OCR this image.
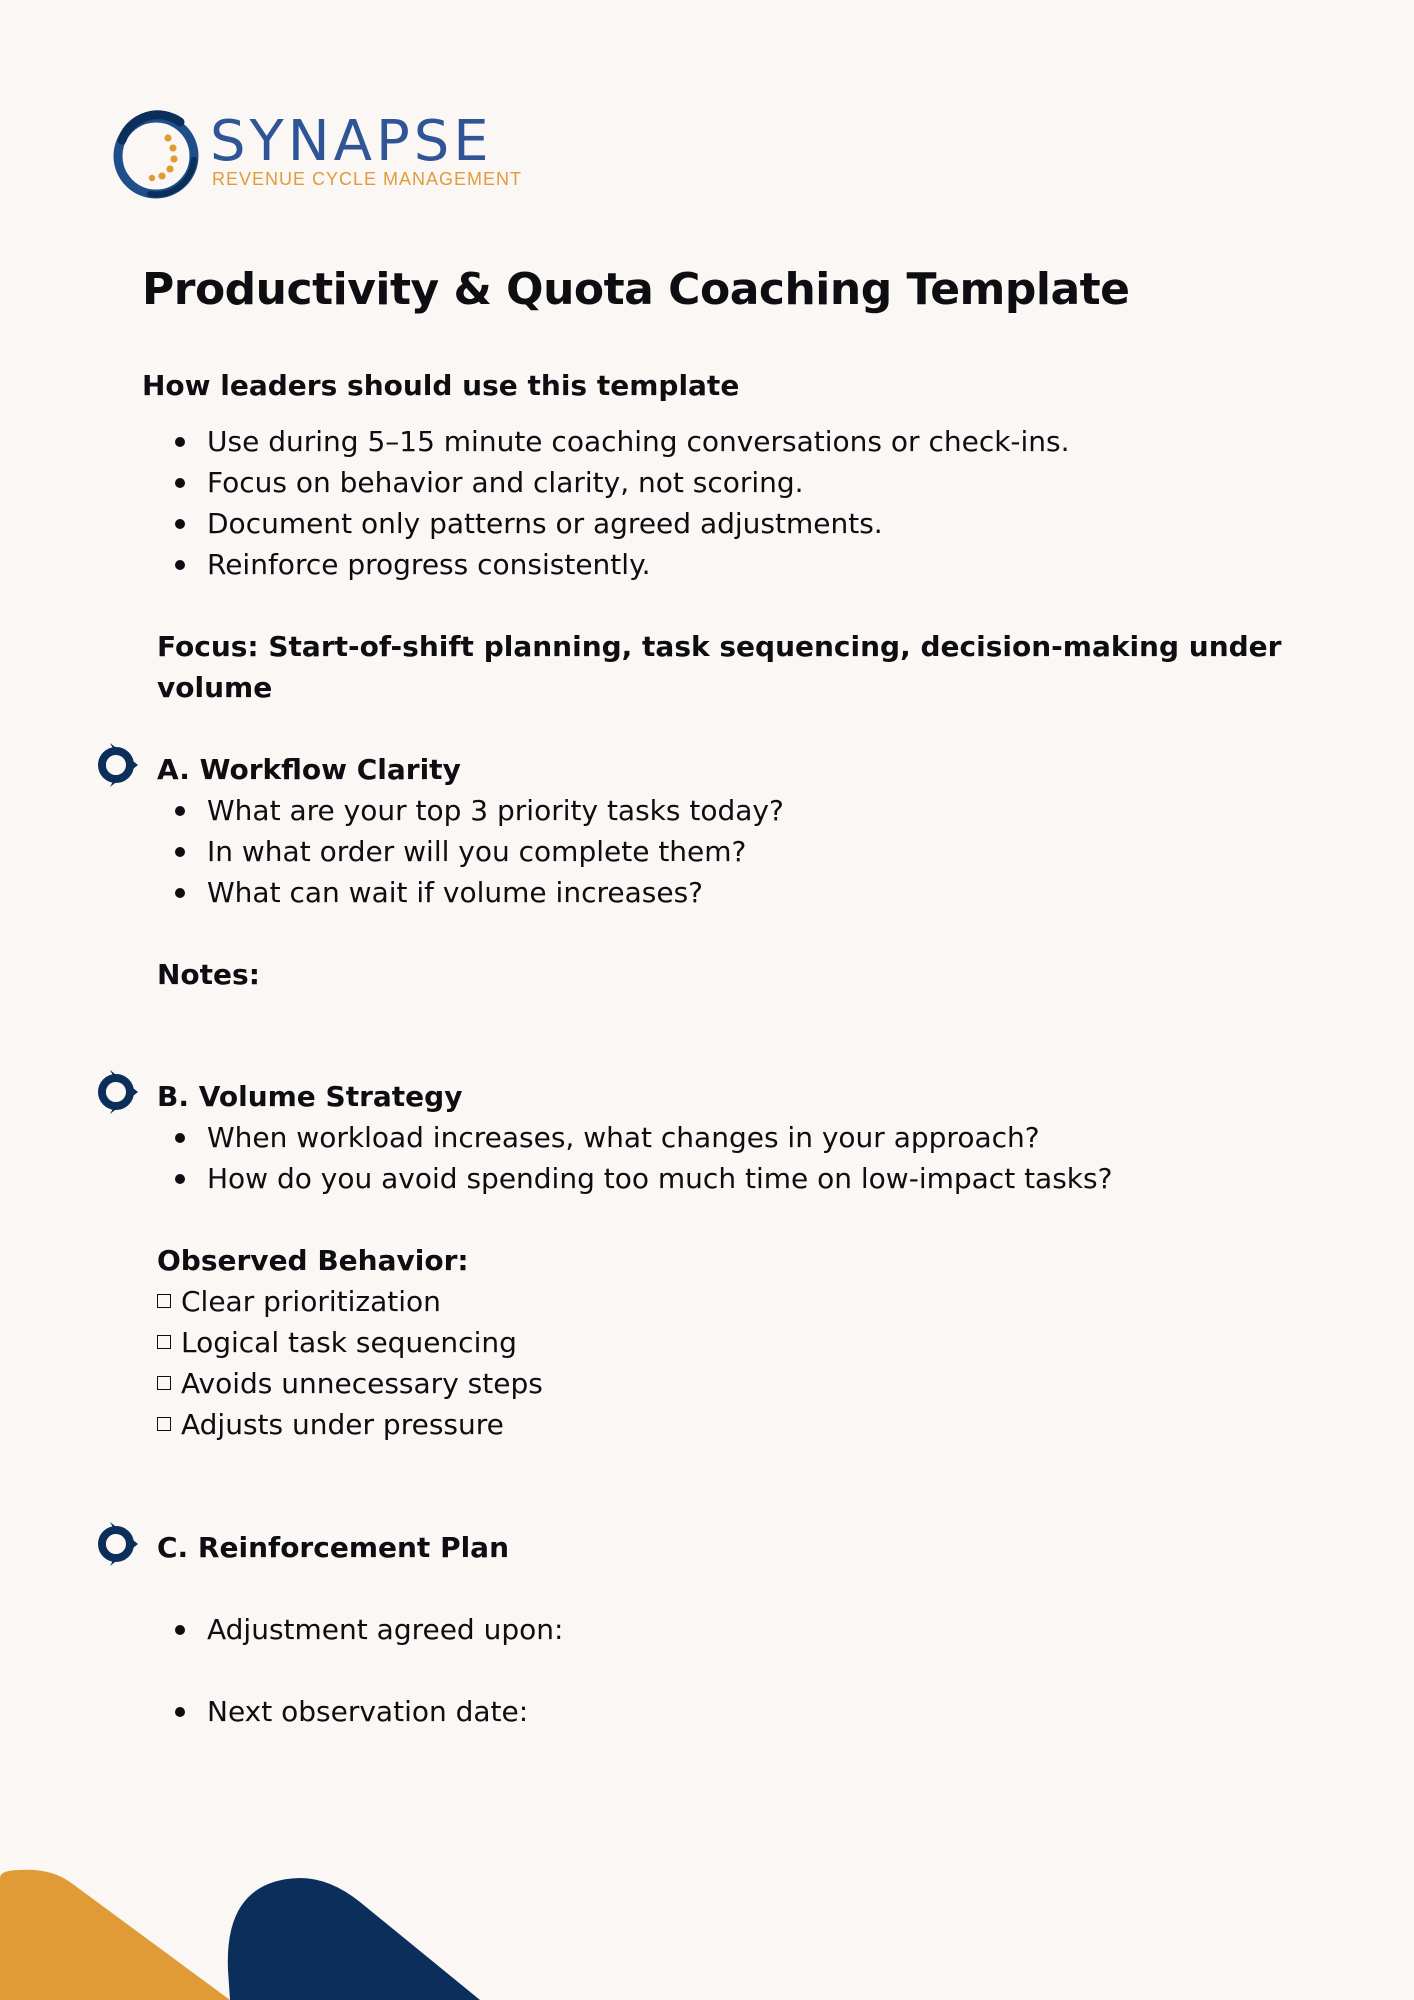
SYNAPSE
REVENUE CYCLE MANAGEMENT
Productivity & Quota Coaching Template
How leaders should use this template
Use during 5–15 minute coaching conversations or check-ins.
Focus on behavior and clarity, not scoring.
Document only patterns or agreed adjustments.
Reinforce progress consistently.
Focus: Start-of-shift planning, task sequencing, decision-making under
volume
A. Workflow Clarity
What are your top 3 priority tasks today?
In what order will you complete them?
What can wait if volume increases?
Notes:
B. Volume Strategy
When workload increases, what changes in your approach?
How do you avoid spending too much time on low-impact tasks?
Observed Behavior:
Clear prioritization
Logical task sequencing
Avoids unnecessary steps
Adjusts under pressure
C. Reinforcement Plan
Adjustment agreed upon:
Next observation date:
